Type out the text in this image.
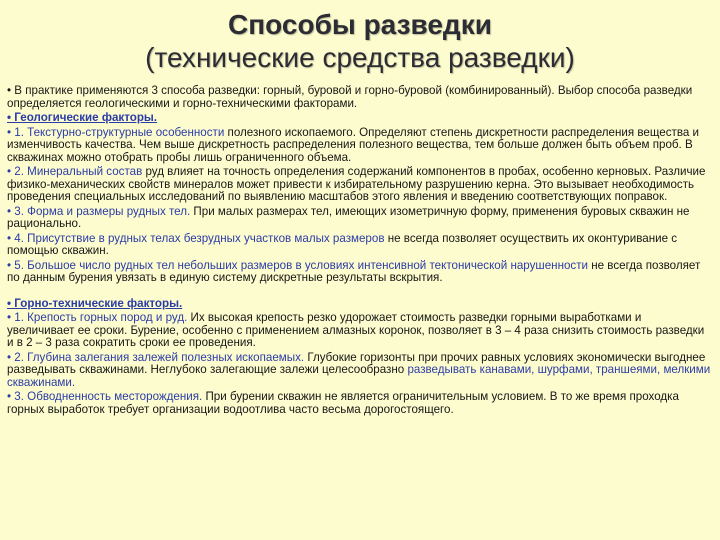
Способы разведки
(технические средства разведки)

• В практике применяются 3 способа разведки: горный, буровой и горно-буровой (комбинированный). Выбор способа разведки определяется геологическими и горно-техническими факторами.

• Геологические факторы.

• 1. Текстурно-структурные особенности полезного ископаемого. Определяют степень дискретности распределения вещества и изменчивость качества. Чем выше дискретность распределения полезного вещества, тем больше должен быть объем проб. В скважинах можно отобрать пробы лишь ограниченного объема.

• 2. Минеральный состав руд влияет на точность определения содержаний компонентов в пробах, особенно керновых. Различие физико-механических свойств минералов может привести к избирательному разрушению керна. Это вызывает необходимость проведения специальных исследований по выявлению масштабов этого явления и введению соответствующих поправок.

• 3. Форма и размеры рудных тел. При малых размерах тел, имеющих изометричную форму, применения буровых скважин не рационально.

• 4. Присутствие в рудных телах безрудных участков малых размеров не всегда позволяет осуществить их оконтуривание с помощью скважин.

• 5. Большое число рудных тел небольших размеров в условиях интенсивной тектонической нарушенности не всегда позволяет по данным бурения увязать в единую систему дискретные результаты вскрытия.

• Горно-технические факторы.

• 1. Крепость горных пород и руд. Их высокая крепость резко удорожает стоимость разведки горными выработками и увеличивает ее сроки. Бурение, особенно с применением алмазных коронок, позволяет в 3 – 4 раза снизить стоимость разведки и в 2 – 3 раза сократить сроки ее проведения.

• 2. Глубина залегания залежей полезных ископаемых. Глубокие горизонты при прочих равных условиях экономически выгоднее разведывать скважинами. Неглубоко залегающие залежи целесообразно разведывать канавами, шурфами, траншеями, мелкими скважинами.

• 3. Обводненность месторождения. При бурении скважин не является ограничительным условием. В то же время проходка горных выработок требует организации водоотлива часто весьма дорогостоящего.
